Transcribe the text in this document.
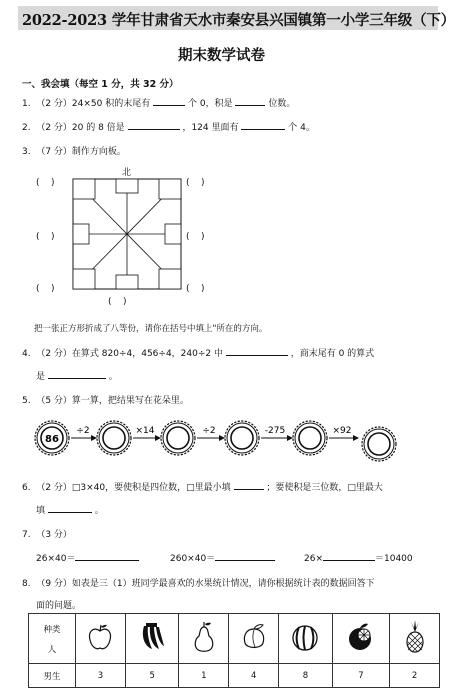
2022-2023 学年甘肃省天水市秦安县兴国镇第一小学三年级（下）
期末数学试卷
一、我会填（每空 1 分，共 32 分）
1. （2 分）24×50 积的末尾有	个 0，积是	位数。
2. （2 分）20 的 8 倍是	，124 里面有	个 4。
3. （7 分）制作方向板。
北
( )	( )
( )	( )
( )	( )
( )
把一张正方形折成了八等份，请你在括号中填上"所在的方向。
4. （2 分）在算式 820÷4，456÷4，240÷2 中	，商末尾有 0 的算式
是	。
5. （5 分）算一算，把结果写在花朵里。
86
÷2	×14	÷2	-275	×92
6. （2 分）□3×40，要使积是四位数，□里最小填	；要使积是三位数，□里最大
填	。
7. （3 分）
26×40＝	260×40＝	26×	＝10400
8. （9 分）如表是三（1）班同学最喜欢的水果统计情况，请你根据统计表的数据回答下
面的问题。
种类
人

男生	3	5	1	4	8	7	2
